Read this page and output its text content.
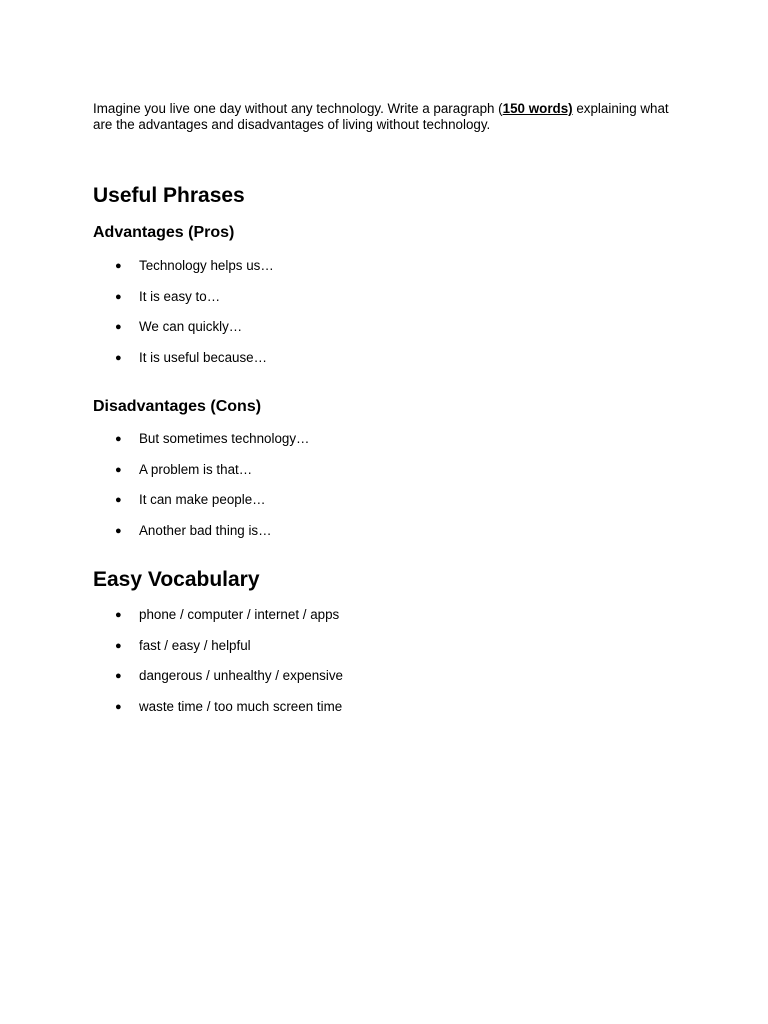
Imagine you live one day without any technology. Write a paragraph (150 words) explaining what are the advantages and disadvantages of living without technology.

Useful Phrases
Advantages (Pros)
● Technology helps us…
● It is easy to…
● We can quickly…
● It is useful because…
Disadvantages (Cons)
● But sometimes technology…
● A problem is that…
● It can make people…
● Another bad thing is…
Easy Vocabulary
● phone / computer / internet / apps
● fast / easy / helpful
● dangerous / unhealthy / expensive
● waste time / too much screen time
